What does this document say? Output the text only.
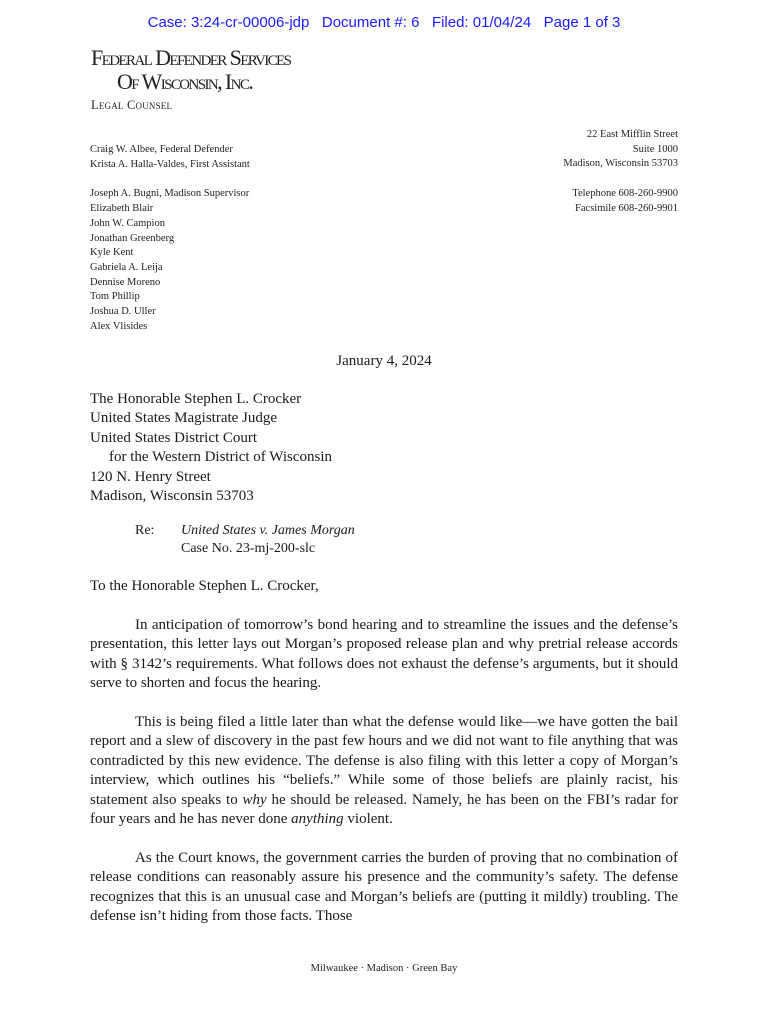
Case: 3:24-cr-00006-jdp   Document #: 6   Filed: 01/04/24   Page 1 of 3
Federal Defender Services
Of Wisconsin, Inc.
Legal Counsel
Craig W. Albee, Federal Defender
Krista A. Halla-Valdes, First Assistant
Joseph A. Bugni, Madison Supervisor
Elizabeth Blair
John W. Campion
Jonathan Greenberg
Kyle Kent
Gabriela A. Leija
Dennise Moreno
Tom Phillip
Joshua D. Uller
Alex Vlisides
22 East Mifflin Street
Suite 1000
Madison, Wisconsin 53703
Telephone 608-260-9900
Facsimile 608-260-9901
January 4, 2024
The Honorable Stephen L. Crocker
United States Magistrate Judge
United States District Court
for the Western District of Wisconsin
120 N. Henry Street
Madison, Wisconsin 53703
Re: United States v. James Morgan
Case No. 23-mj-200-slc
To the Honorable Stephen L. Crocker,

In anticipation of tomorrow’s bond hearing and to streamline the issues and the defense’s presentation, this letter lays out Morgan’s proposed release plan and why pretrial release accords with § 3142’s requirements. What follows does not exhaust the defense’s arguments, but it should serve to shorten and focus the hearing.

This is being filed a little later than what the defense would like—we have gotten the bail report and a slew of discovery in the past few hours and we did not want to file anything that was contradicted by this new evidence. The defense is also filing with this letter a copy of Morgan’s interview, which outlines his “beliefs.” While some of those beliefs are plainly racist, his statement also speaks to why he should be released. Namely, he has been on the FBI’s radar for four years and he has never done anything violent.

As the Court knows, the government carries the burden of proving that no combination of release conditions can reasonably assure his presence and the community’s safety. The defense recognizes that this is an unusual case and Morgan’s beliefs are (putting it mildly) troubling. The defense isn’t hiding from those facts. Those

Milwaukee · Madison · Green Bay
